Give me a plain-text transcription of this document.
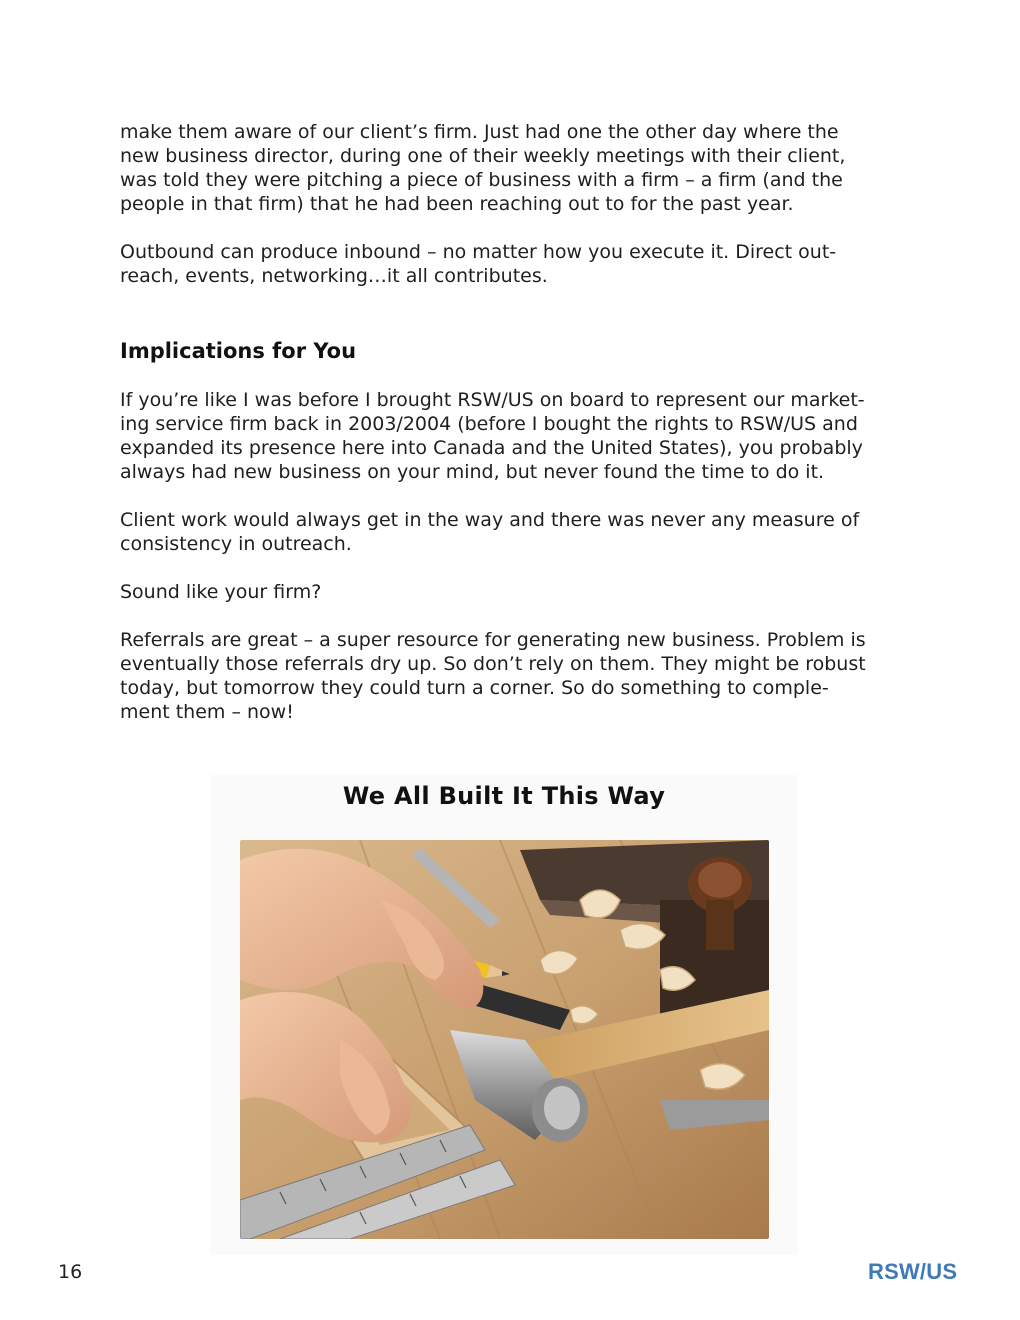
make them aware of our client’s firm. Just had one the other day where the
new business director, during one of their weekly meetings with their client,
was told they were pitching a piece of business with a firm – a firm (and the
people in that firm) that he had been reaching out to for the past year.

Outbound can produce inbound – no matter how you execute it. Direct out-
reach, events, networking…it all contributes.

Implications for You

If you’re like I was before I brought RSW/US on board to represent our market-
ing service firm back in 2003/2004 (before I bought the rights to RSW/US and
expanded its presence here into Canada and the United States), you probably
always had new business on your mind, but never found the time to do it.

Client work would always get in the way and there was never any measure of
consistency in outreach.

Sound like your firm?

Referrals are great – a super resource for generating new business. Problem is
eventually those referrals dry up. So don’t rely on them. They might be robust
today, but tomorrow they could turn a corner. So do something to comple-
ment them – now!

We All Built It This Way
16	RSW/US
